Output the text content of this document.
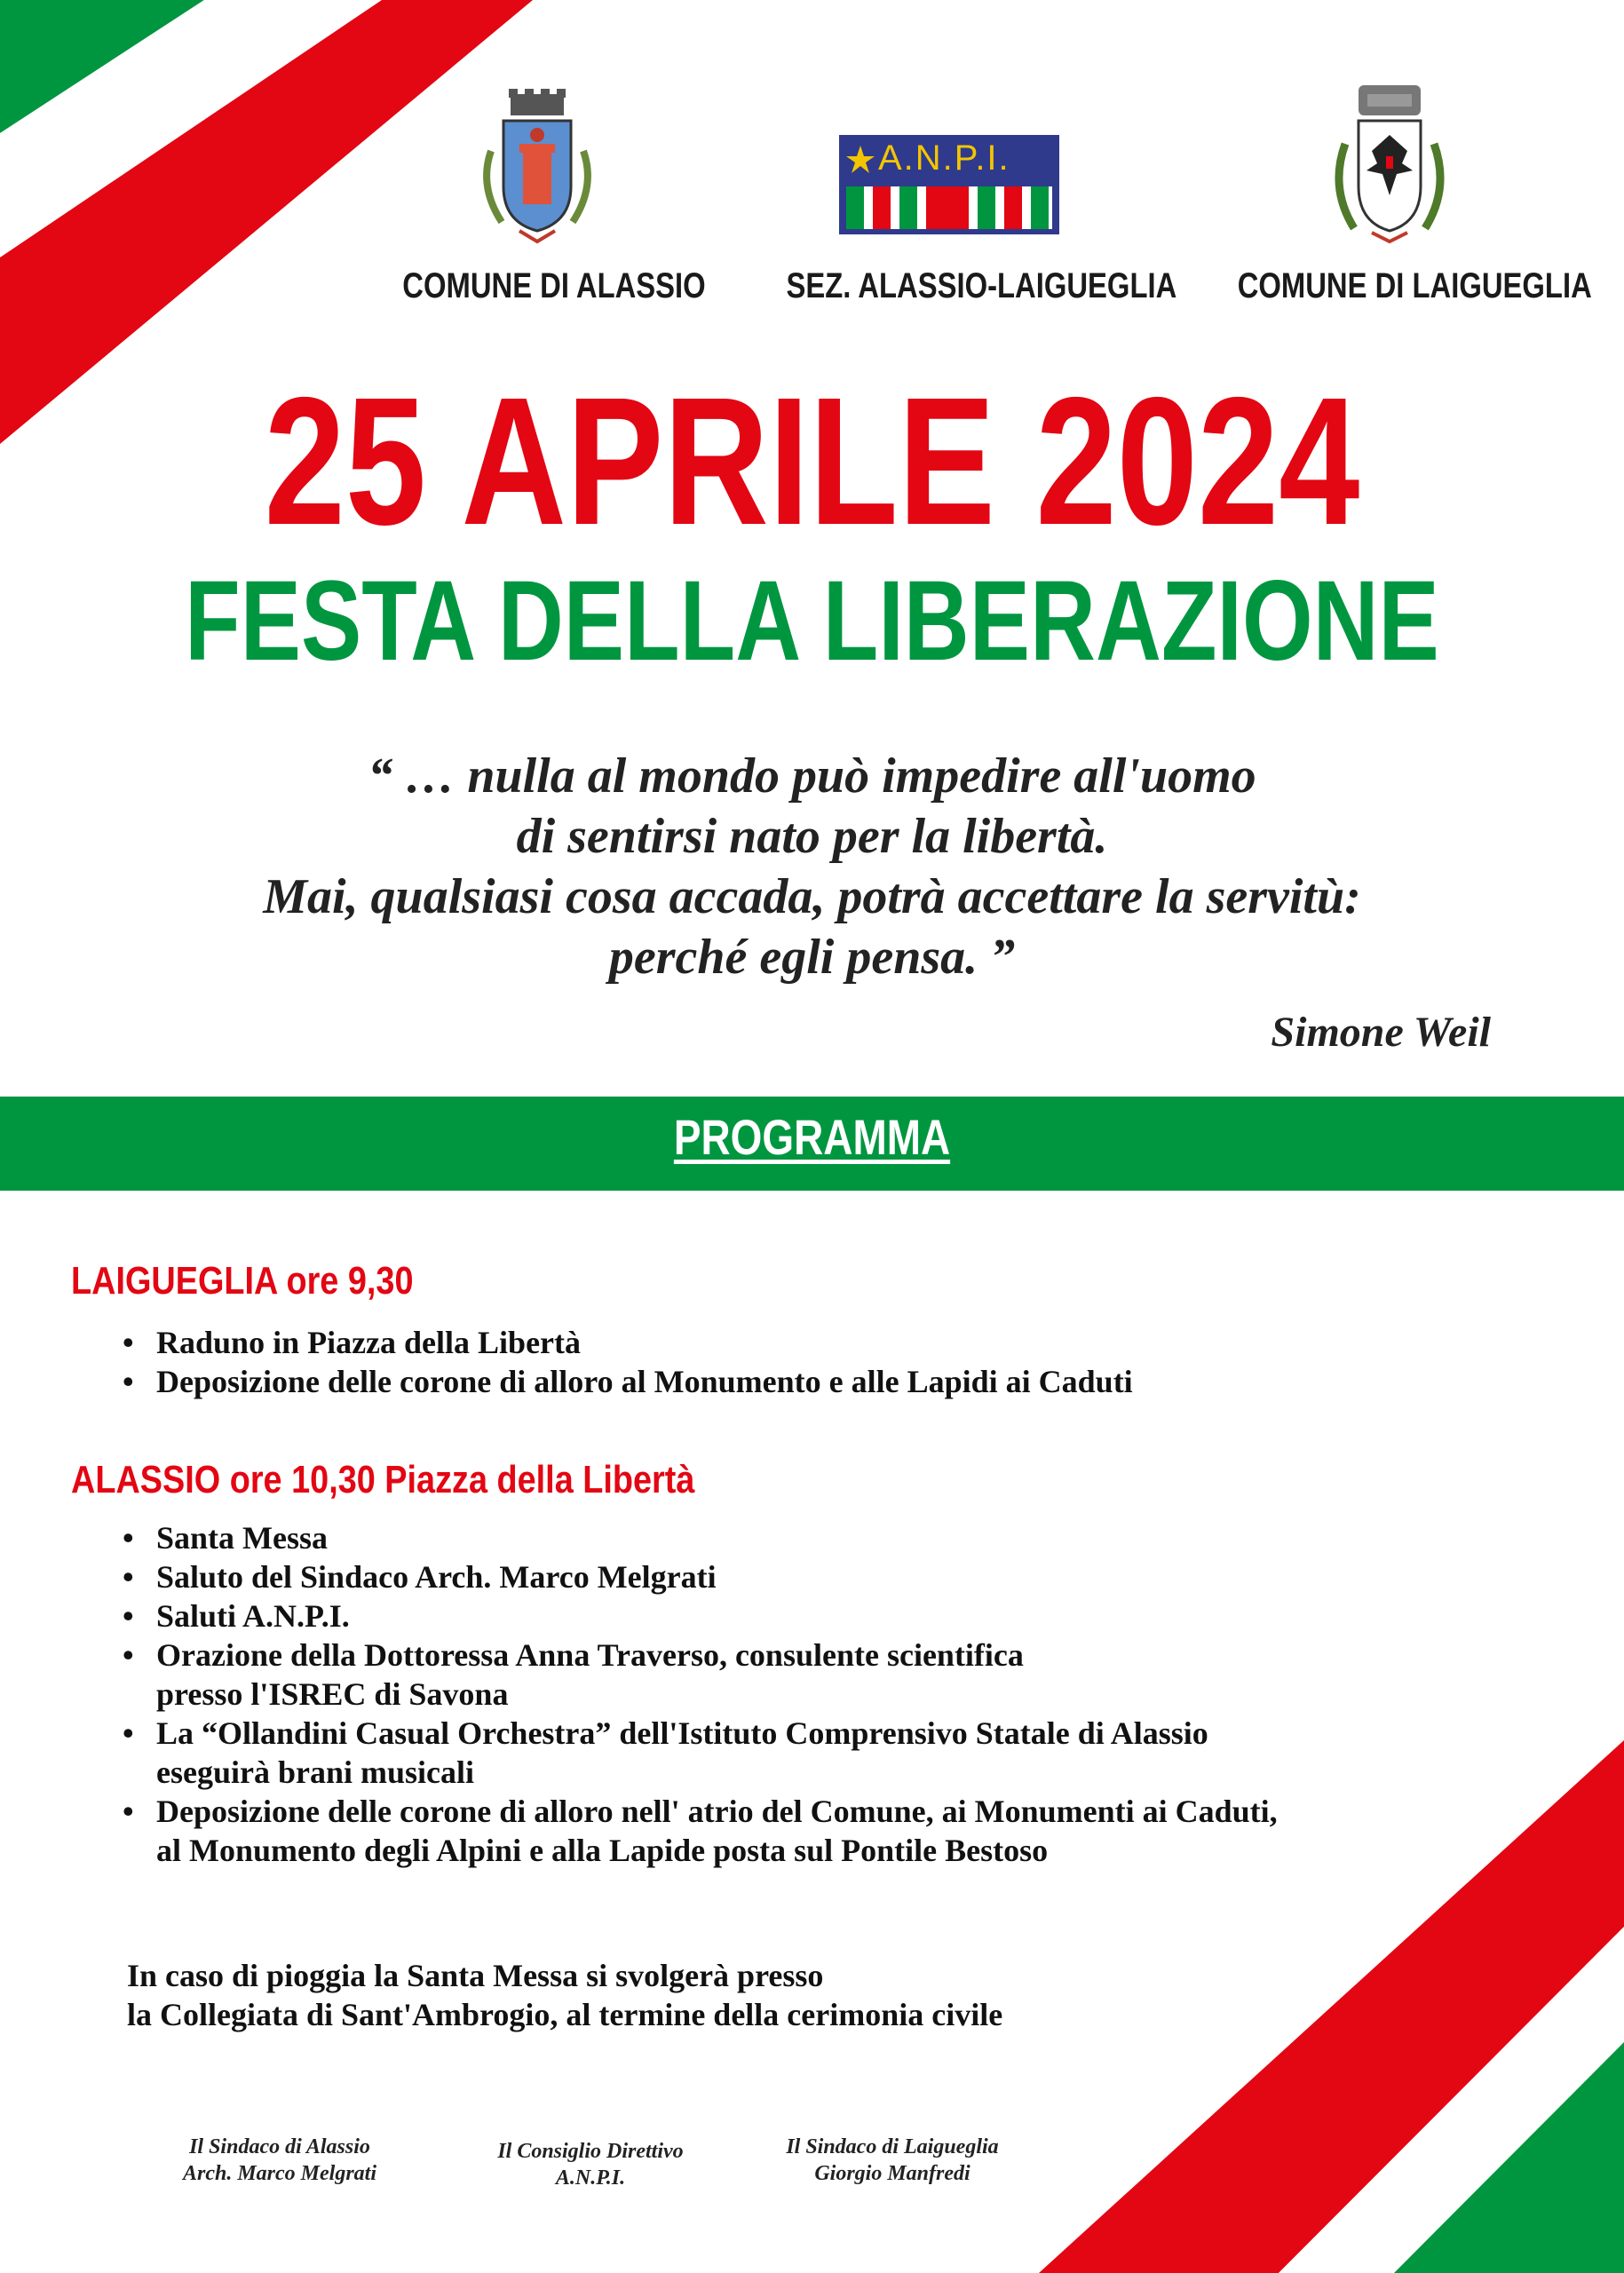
A.N.P.I.
COMUNE DI ALASSIO SEZ. ALASSIO-LAIGUEGLIA COMUNE DI LAIGUEGLIA
25 APRILE 2024
FESTA DELLA LIBERAZIONE
“ … nulla al mondo può impedire all'uomo
di sentirsi nato per la libertà.
Mai, qualsiasi cosa accada, potrà accettare la servitù:
perché egli pensa. ”
Simone Weil
PROGRAMMA
LAIGUEGLIA ore 9,30
• Raduno in Piazza della Libertà
• Deposizione delle corone di alloro al Monumento e alle Lapidi ai Caduti
ALASSIO ore 10,30 Piazza della Libertà
• Santa Messa
• Saluto del Sindaco Arch. Marco Melgrati
• Saluti A.N.P.I.
• Orazione della Dottoressa Anna Traverso, consulente scientifica
presso l'ISREC di Savona
• La “Ollandini Casual Orchestra” dell'Istituto Comprensivo Statale di Alassio
eseguirà brani musicali
• Deposizione delle corone di alloro nell' atrio del Comune, ai Monumenti ai Caduti,
al Monumento degli Alpini e alla Lapide posta sul Pontile Bestoso
In caso di pioggia la Santa Messa si svolgerà presso
la Collegiata di Sant'Ambrogio, al termine della cerimonia civile
Il Sindaco di Alassio
Arch. Marco Melgrati
Il Consiglio Direttivo
A.N.P.I.
Il Sindaco di Laigueglia
Giorgio Manfredi
